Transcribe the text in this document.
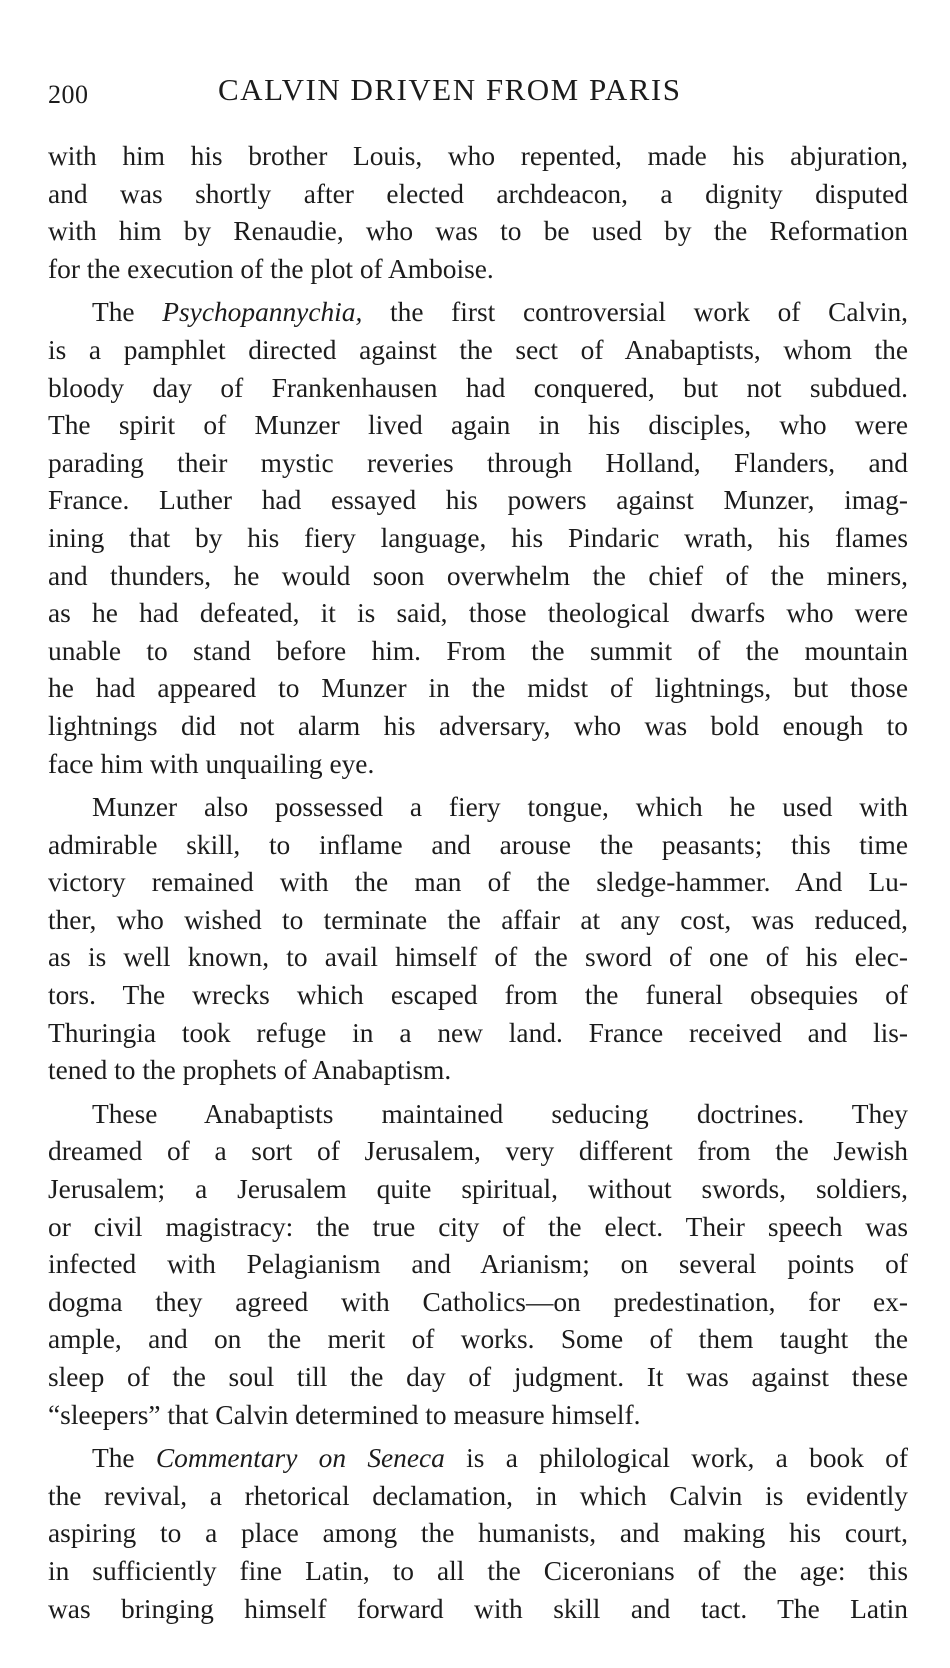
200	CALVIN DRIVEN FROM PARIS
with him his brother Louis, who repented, made his abjuration,
and was shortly after elected archdeacon, a dignity disputed
with him by Renaudie, who was to be used by the Reformation
for the execution of the plot of Amboise.
The Psychopannychia, the first controversial work of Calvin,
is a pamphlet directed against the sect of Anabaptists, whom the
bloody day of Frankenhausen had conquered, but not subdued.
The spirit of Munzer lived again in his disciples, who were
parading their mystic reveries through Holland, Flanders, and
France. Luther had essayed his powers against Munzer, imag-
ining that by his fiery language, his Pindaric wrath, his flames
and thunders, he would soon overwhelm the chief of the miners,
as he had defeated, it is said, those theological dwarfs who were
unable to stand before him. From the summit of the mountain
he had appeared to Munzer in the midst of lightnings, but those
lightnings did not alarm his adversary, who was bold enough to
face him with unquailing eye.
Munzer also possessed a fiery tongue, which he used with
admirable skill, to inflame and arouse the peasants; this time
victory remained with the man of the sledge-hammer. And Lu-
ther, who wished to terminate the affair at any cost, was reduced,
as is well known, to avail himself of the sword of one of his elec-
tors. The wrecks which escaped from the funeral obsequies of
Thuringia took refuge in a new land. France received and lis-
tened to the prophets of Anabaptism.
These Anabaptists maintained seducing doctrines. They
dreamed of a sort of Jerusalem, very different from the Jewish
Jerusalem; a Jerusalem quite spiritual, without swords, soldiers,
or civil magistracy: the true city of the elect. Their speech was
infected with Pelagianism and Arianism; on several points of
dogma they agreed with Catholics—on predestination, for ex-
ample, and on the merit of works. Some of them taught the
sleep of the soul till the day of judgment. It was against these
“sleepers” that Calvin determined to measure himself.
The Commentary on Seneca is a philological work, a book of
the revival, a rhetorical declamation, in which Calvin is evidently
aspiring to a place among the humanists, and making his court,
in sufficiently fine Latin, to all the Ciceronians of the age: this
was bringing himself forward with skill and tact. The Latin
